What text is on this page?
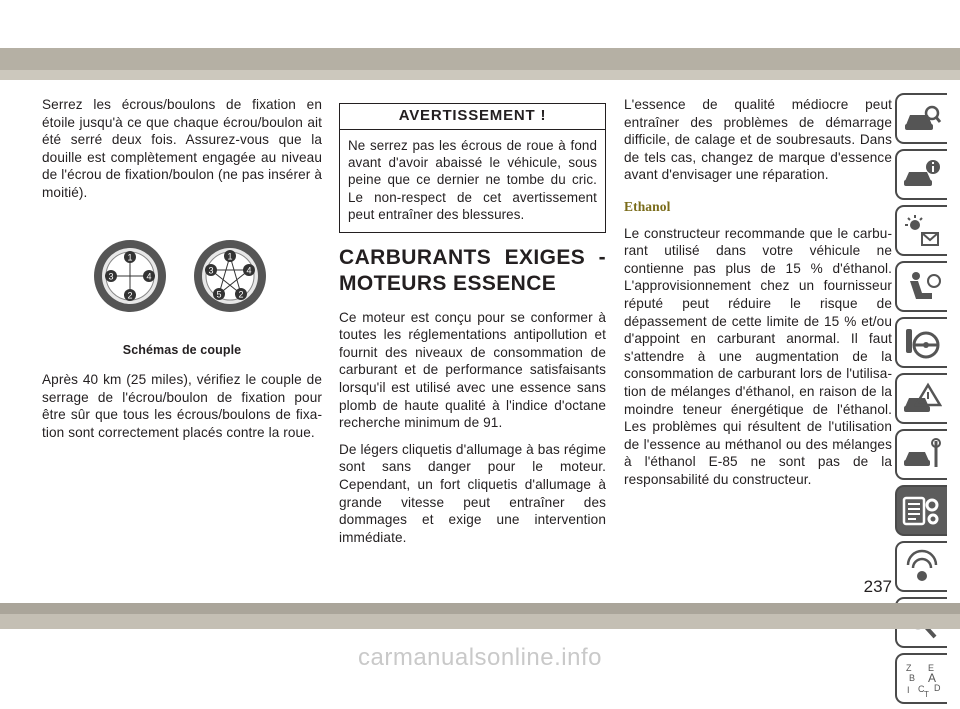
Serrez les écrous/boulons de fixation en étoile jusqu'à ce que chaque écrou/boulon ait été serré deux fois. Assurez-vous que la douille est complètement engagée au niveau de l'écrou de fixation/boulon (ne pas insérer à moitié).

1
2
3	4
1
2
3	4
5
Schémas de couple

Après 40 km (25 miles), vérifiez le couple de serrage de l'écrou/boulon de fixation pour être sûr que tous les écrous/boulons de fixation sont correctement placés contre la roue.

AVERTISSEMENT !
Ne serrez pas les écrous de roue à fond avant d'avoir abaissé le véhicule, sous peine que ce dernier ne tombe du cric. Le non-respect de cet avertissement peut entraîner des blessures.
CARBURANTS EXIGES - MOTEURS ESSENCE

Ce moteur est conçu pour se conformer à toutes les réglementations antipollution et fournit des niveaux de consommation de carburant et de performance satisfaisants lorsqu'il est utilisé avec une essence sans plomb de haute qualité à l'indice d'octane recherche minimum de 91.

De légers cliquetis d'allumage à bas régime sont sans danger pour le moteur. Cependant, un fort cliquetis d'allumage à grande vitesse peut entraîner des dommages et exige une intervention immédiate.

L'essence de qualité médiocre peut entraîner des problèmes de démarrage difficile, de calage et de soubresauts. Dans de tels cas, changez de marque d'essence avant d'envisager une réparation.

Ethanol

Le constructeur recommande que le carburant utilisé dans votre véhicule ne contienne pas plus de 15 % d'éthanol. L'approvisionnement chez un fournisseur réputé peut réduire le risque de dépassement de cette limite de 15 % et/ou d'appoint en carburant anormal. Il faut s'attendre à une augmentation de la consommation de carburant lors de l'utilisation de mélanges d'éthanol, en raison de la moindre teneur énergétique de l'éthanol. Les problèmes qui résultent de l'utilisation de l'essence au méthanol ou des mélanges à l'éthanol E-85 ne sont pas de la responsabilité du constructeur.

Z E
B A
C D
I T
237
carmanualsonline.info
